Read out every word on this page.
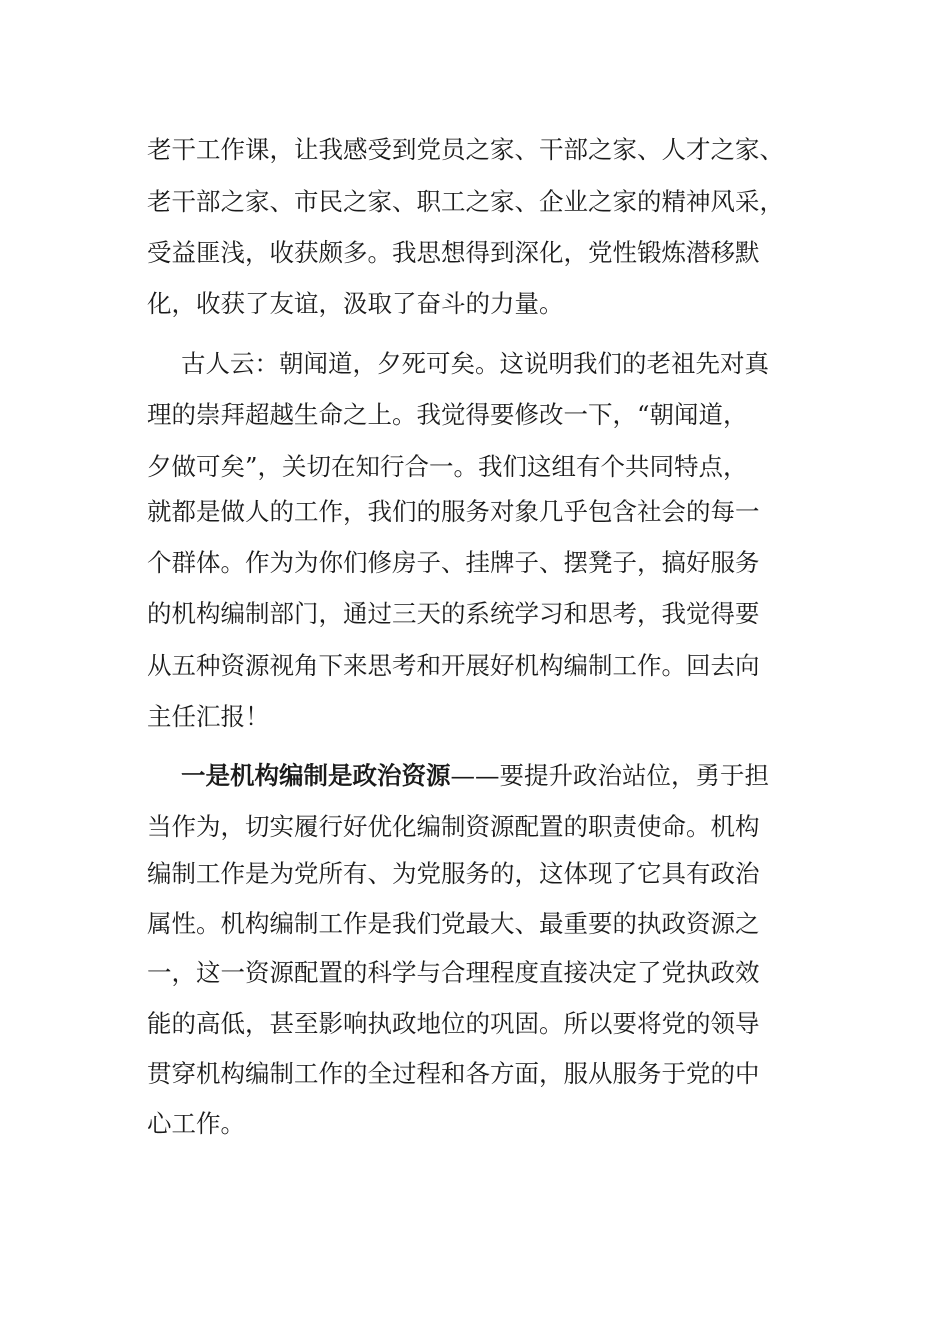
老干工作课，让我感受到党员之家、干部之家、人才之家、
老干部之家、市民之家、职工之家、企业之家的精神风采，
受益匪浅，收获颇多。我思想得到深化，党性锻炼潜移默
化，收获了友谊，汲取了奋斗的力量。
古人云：朝闻道，夕死可矣。这说明我们的老祖先对真
理的崇拜超越生命之上。我觉得要修改一下，“朝闻道，
夕做可矣”，关切在知行合一。我们这组有个共同特点，
就都是做人的工作，我们的服务对象几乎包含社会的每一
个群体。作为为你们修房子、挂牌子、摆凳子，搞好服务
的机构编制部门，通过三天的系统学习和思考，我觉得要
从五种资源视角下来思考和开展好机构编制工作。回去向
主任汇报！
一是机构编制是政治资源——要提升政治站位，勇于担
当作为，切实履行好优化编制资源配置的职责使命。机构
编制工作是为党所有、为党服务的，这体现了它具有政治
属性。机构编制工作是我们党最大、最重要的执政资源之
一，这一资源配置的科学与合理程度直接决定了党执政效
能的高低，甚至影响执政地位的巩固。所以要将党的领导
贯穿机构编制工作的全过程和各方面，服从服务于党的中
心工作。
